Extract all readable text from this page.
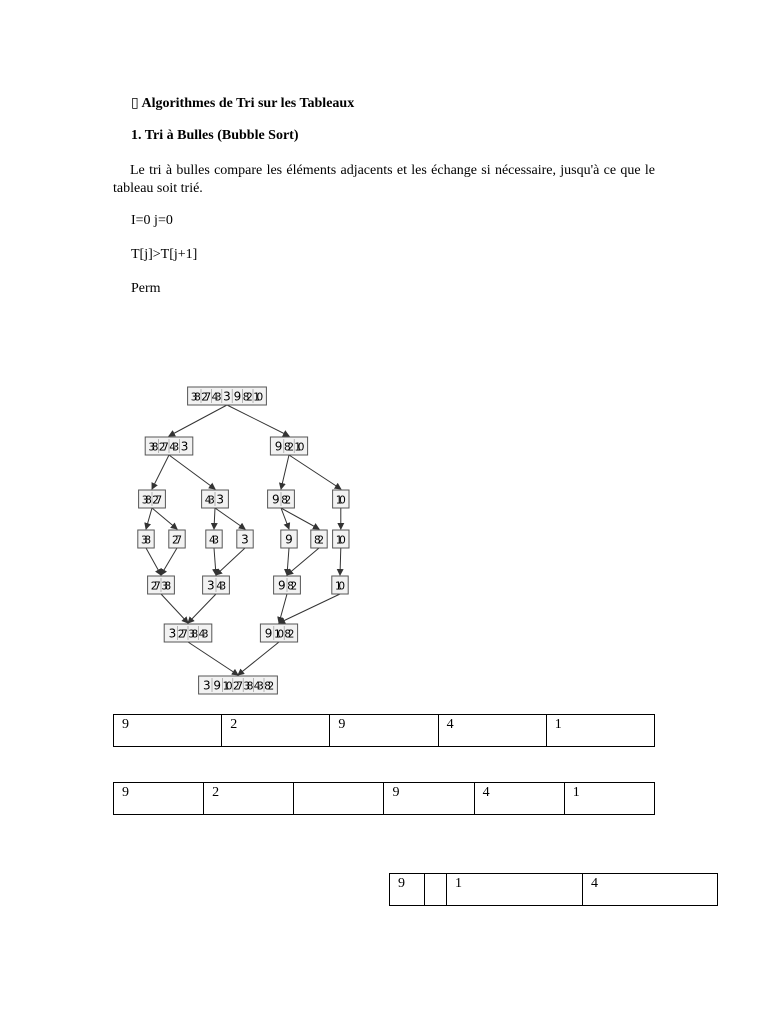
▯ Algorithmes de Tri sur les Tableaux
1. Tri à Bulles (Bubble Sort)

Le tri à bulles compare les éléments adjacents et les échange si nécessaire, jusqu'à ce que le tableau soit trié.

I=0 j=0
T[j]>T[j+1]
Perm
38 27 43 3 9 82 10
38 27 43 3	9 82 10
38 27	43 3	9 82	10
38 27	43 3	9 82 10
27 38	3 43	9 82	10
3 27 38 43	9 10 82
3 9 10 27 38 43 82
9	2	9	4	1
9	2		9	4	1
9		1	4
